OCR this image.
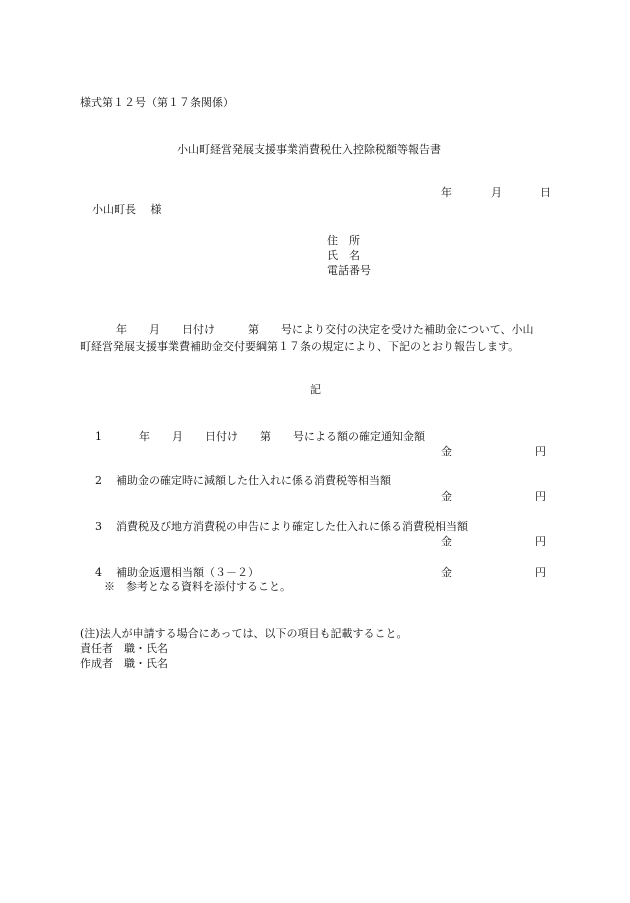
様式第１２号（第１７条関係）

小山町経営発展支援事業消費税仕入控除税額等報告書

年	月	日

小山町長　 様

住　所

氏　名

電話番号

年　　月　　日付け　　　第　　号により交付の決定を受けた補助金について、小山

町経営発展支援事業費補助金交付要綱第１７条の規定により、下記のとおり報告します。

記

1	年　　月　　日付け　　第　　号による額の確定通知金額

金	円

2 補助金の確定時に減額した仕入れに係る消費税等相当額

金	円

3 消費税及び地方消費税の申告により確定した仕入れに係る消費税相当額

金	円

4 補助金返還相当額（３－２）	金	円

※　参考となる資料を添付すること。

(注)法人が申請する場合にあっては、以下の項目も記載すること。

責任者　職・氏名

作成者　職・氏名
